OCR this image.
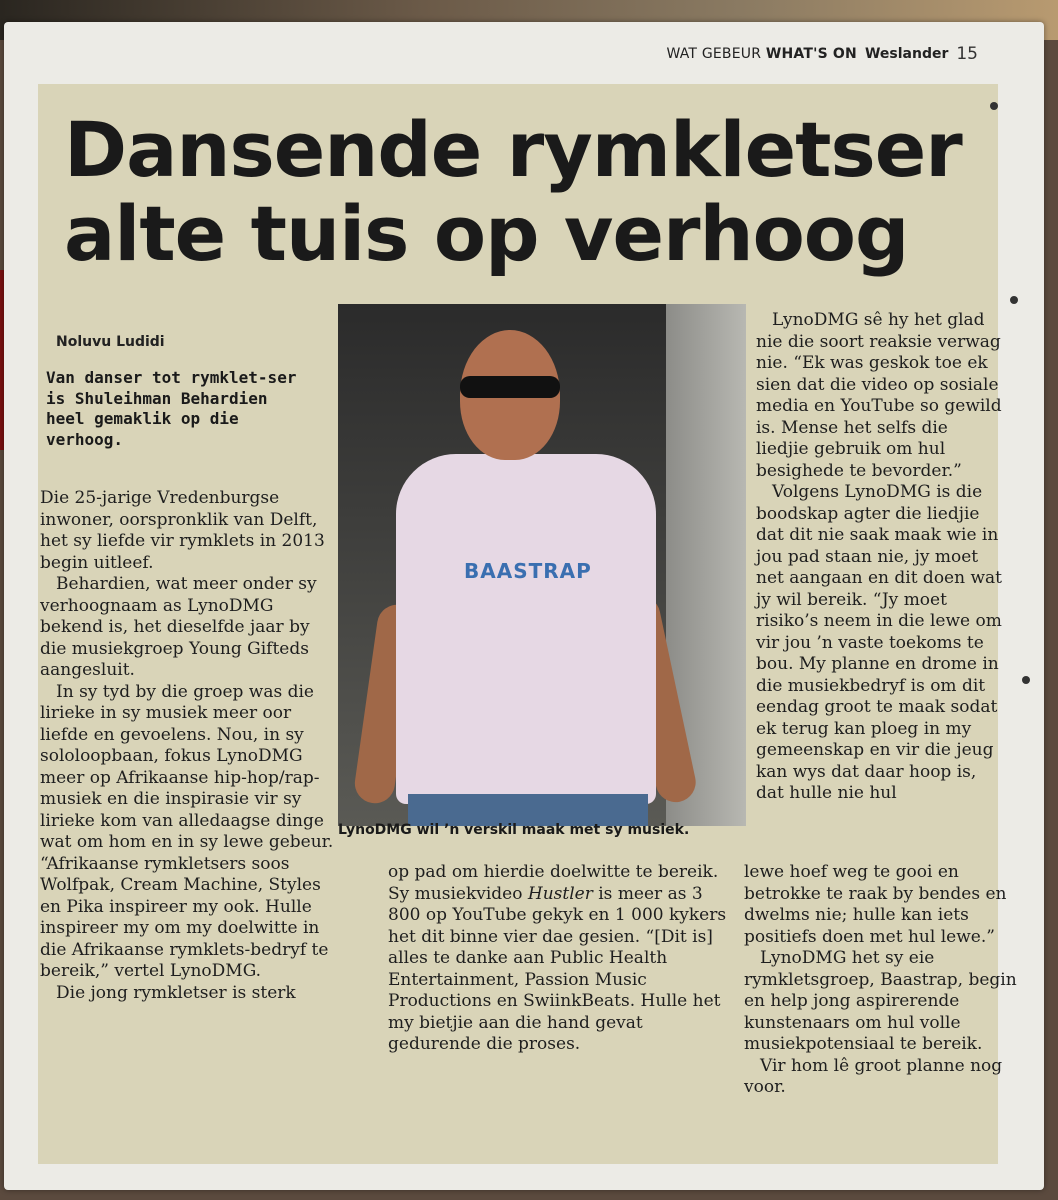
WAT GEBEUR WHAT'S ON Weslander 15
Dansende rymkletser alte tuis op verhoog
Noluvu Ludidi
Van danser tot rymklet-ser is Shuleihman Behardien heel gemaklik op die verhoog.

Die 25-jarige Vredenburgse inwoner, oorspronklik van Delft, het sy liefde vir rymklets in 2013 begin uitleef.

Behardien, wat meer onder sy verhoognaam as LynoDMG bekend is, het dieselfde jaar by die musiekgroep Young Gifteds aangesluit.

In sy tyd by die groep was die lirieke in sy musiek meer oor liefde en gevoelens. Nou, in sy sololoopbaan, fokus LynoDMG meer op Afrikaanse hip-hop/rap-musiek en die inspirasie vir sy lirieke kom van alledaagse dinge wat om hom en in sy lewe gebeur. “Afrikaanse rymkletsers soos Wolfpak, Cream Machine, Styles en Pika inspireer my ook. Hulle inspireer my om my doelwitte in die Afrikaanse rymklets-bedryf te bereik,” vertel LynoDMG.

Die jong rymkletser is sterk

BAASTRAP
LynoDMG wil ’n verskil maak met sy musiek.

op pad om hierdie doelwitte te bereik. Sy musiekvideo Hustler is meer as 3 800 op YouTube gekyk en 1 000 kykers het dit binne vier dae gesien. “[Dit is] alles te danke aan Public Health Entertainment, Passion Music Productions en SwiinkBeats. Hulle het my bietjie aan die hand gevat gedurende die proses.

LynoDMG sê hy het glad nie die soort reaksie verwag nie. “Ek was geskok toe ek sien dat die video op sosiale media en YouTube so gewild is. Mense het selfs die liedjie gebruik om hul besighede te bevorder.”

Volgens LynoDMG is die boodskap agter die liedjie dat dit nie saak maak wie in jou pad staan nie, jy moet net aangaan en dit doen wat jy wil bereik. “Jy moet risiko’s neem in die lewe om vir jou ’n vaste toekoms te bou. My planne en drome in die musiekbedryf is om dit eendag groot te maak sodat ek terug kan ploeg in my gemeenskap en vir die jeug kan wys dat daar hoop is, dat hulle nie hul

lewe hoef weg te gooi en betrokke te raak by bendes en dwelms nie; hulle kan iets positiefs doen met hul lewe.”

LynoDMG het sy eie rymkletsgroep, Baastrap, begin en help jong aspirerende kunstenaars om hul volle musiekpotensiaal te bereik.

Vir hom lê groot planne nog voor.
